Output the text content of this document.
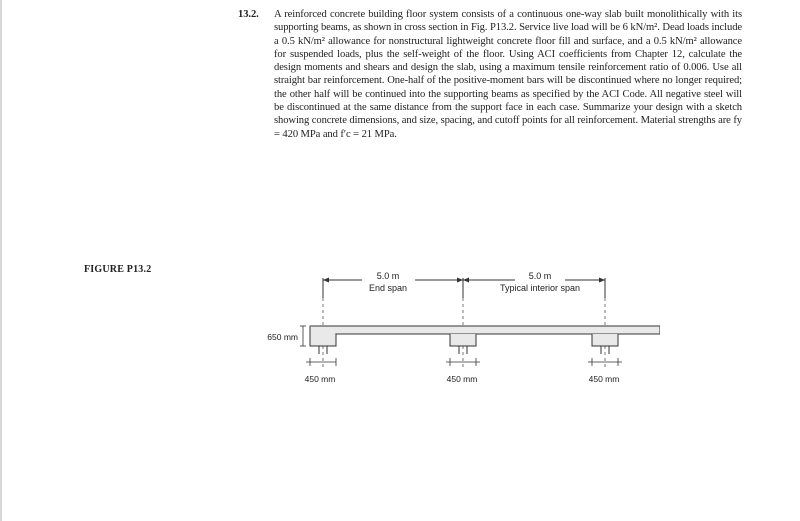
13.2.	A reinforced concrete building floor system consists of a continuous one-way slab built monolithically with its supporting beams, as shown in cross section in Fig. P13.2. Service live load will be 6 kN/m². Dead loads include a 0.5 kN/m² allowance for nonstructural lightweight concrete floor fill and surface, and a 0.5 kN/m² allowance for suspended loads, plus the self-weight of the floor. Using ACI coefficients from Chapter 12, calculate the design moments and shears and design the slab, using a maximum tensile reinforcement ratio of 0.006. Use all straight bar reinforcement. One-half of the positive-moment bars will be discontinued where no longer required; the other half will be continued into the supporting beams as specified by the ACI Code. All negative steel will be discontinued at the same distance from the support face in each case. Summarize your design with a sketch showing concrete dimensions, and size, spacing, and cutoff points for all reinforcement. Material strengths are fy = 420 MPa and f′c = 21 MPa.

FIGURE P13.2
5.0 m
End span
5.0 m
Typical interior span
650 mm
450 mm	450 mm	450 mm
